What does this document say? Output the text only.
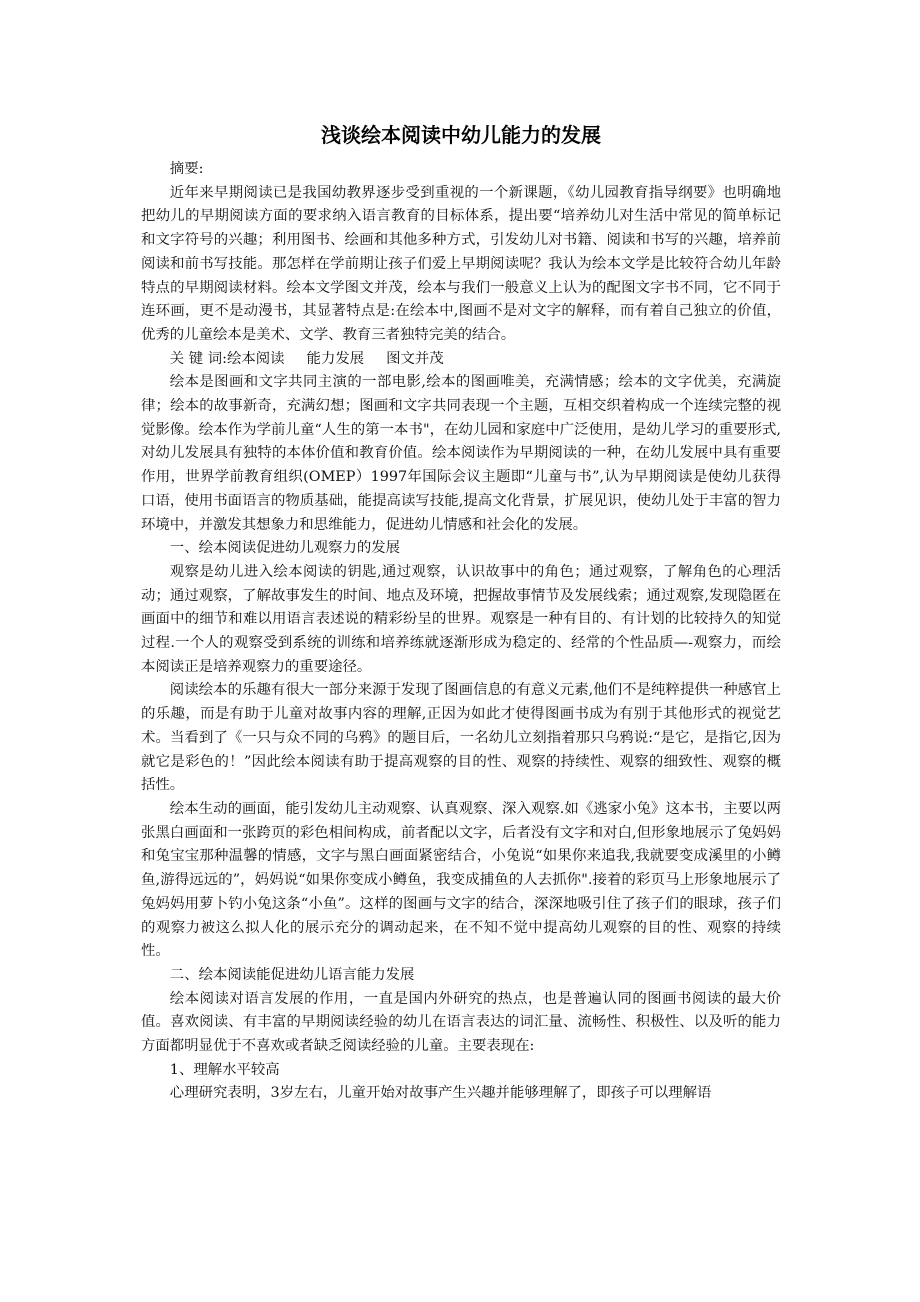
浅谈绘本阅读中幼儿能力的发展

摘要:

近年来早期阅读已是我国幼教界逐步受到重视的一个新课题，《幼儿园教育指导纲要》也明确地把幼儿的早期阅读方面的要求纳入语言教育的目标体系，提出要“培养幼儿对生活中常见的简单标记和文字符号的兴趣；利用图书、绘画和其他多种方式，引发幼儿对书籍、阅读和书写的兴趣，培养前阅读和前书写技能。那怎样在学前期让孩子们爱上早期阅读呢？我认为绘本文学是比较符合幼儿年龄特点的早期阅读材料。绘本文学图文并茂，绘本与我们一般意义上认为的配图文字书不同，它不同于连环画，更不是动漫书，其显著特点是:在绘本中,图画不是对文字的解释，而有着自己独立的价值，优秀的儿童绘本是美术、文学、教育三者独特完美的结合。

关 键 词:绘本阅读 能力发展 图文并茂

绘本是图画和文字共同主演的一部电影,绘本的图画唯美，充满情感；绘本的文字优美，充满旋律；绘本的故事新奇，充满幻想；图画和文字共同表现一个主题，互相交织着构成一个连续完整的视觉影像。绘本作为学前儿童“人生的第一本书"，在幼儿园和家庭中广泛使用，是幼儿学习的重要形式,对幼儿发展具有独特的本体价值和教育价值。绘本阅读作为早期阅读的一种，在幼儿发展中具有重要作用，世界学前教育组织(OMEP）1997年国际会议主题即“儿童与书”,认为早期阅读是使幼儿获得口语，使用书面语言的物质基础，能提高读写技能,提高文化背景，扩展见识，使幼儿处于丰富的智力环境中，并激发其想象力和思维能力，促进幼儿情感和社会化的发展。

一、绘本阅读促进幼儿观察力的发展

观察是幼儿进入绘本阅读的钥匙,通过观察，认识故事中的角色；通过观察，了解角色的心理活动；通过观察，了解故事发生的时间、地点及环境，把握故事情节及发展线索；通过观察,发现隐匿在画面中的细节和难以用语言表述说的精彩纷呈的世界。观察是一种有目的、有计划的比较持久的知觉过程.一个人的观察受到系统的训练和培养练就逐渐形成为稳定的、经常的个性品质—-观察力，而绘本阅读正是培养观察力的重要途径。

阅读绘本的乐趣有很大一部分来源于发现了图画信息的有意义元素,他们不是纯粹提供一种感官上的乐趣，而是有助于儿童对故事内容的理解,正因为如此才使得图画书成为有别于其他形式的视觉艺术。当看到了《一只与众不同的乌鸦》的题目后，一名幼儿立刻指着那只乌鸦说:“是它，是指它,因为就它是彩色的！”因此绘本阅读有助于提高观察的目的性、观察的持续性、观察的细致性、观察的概括性。

绘本生动的画面，能引发幼儿主动观察、认真观察、深入观察.如《逃家小兔》这本书，主要以两张黑白画面和一张跨页的彩色相间构成，前者配以文字，后者没有文字和对白,但形象地展示了兔妈妈和兔宝宝那种温馨的情感，文字与黑白画面紧密结合，小兔说“如果你来追我,我就要变成溪里的小鳟鱼,游得远远的”，妈妈说“如果你变成小鳟鱼，我变成捕鱼的人去抓你".接着的彩页马上形象地展示了兔妈妈用萝卜钓小兔这条“小鱼”。这样的图画与文字的结合，深深地吸引住了孩子们的眼球，孩子们的观察力被这么拟人化的展示充分的调动起来，在不知不觉中提高幼儿观察的目的性、观察的持续性。

二、绘本阅读能促进幼儿语言能力发展

绘本阅读对语言发展的作用，一直是国内外研究的热点，也是普遍认同的图画书阅读的最大价值。喜欢阅读、有丰富的早期阅读经验的幼儿在语言表达的词汇量、流畅性、积极性、以及听的能力方面都明显优于不喜欢或者缺乏阅读经验的儿童。主要表现在:

1、理解水平较高

心理研究表明，3岁左右，儿童开始对故事产生兴趣并能够理解了，即孩子可以理解语
